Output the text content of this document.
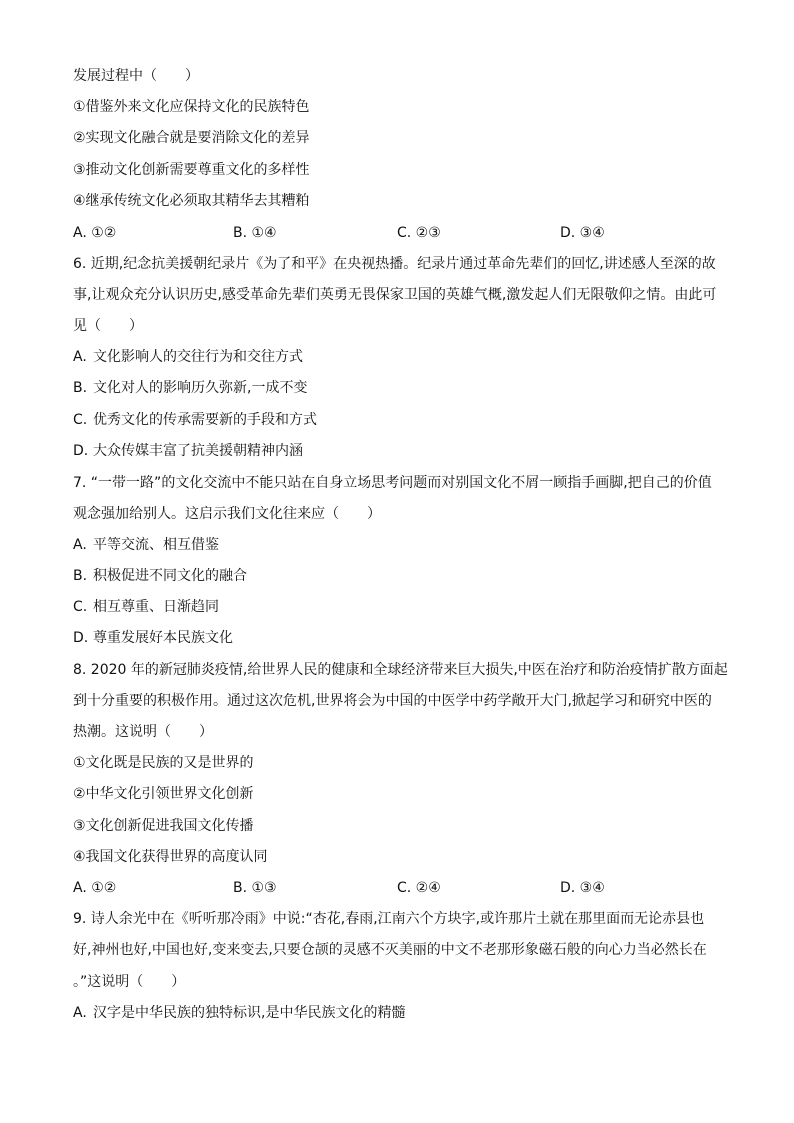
发展过程中（　　）
①借鉴外来文化应保持文化的民族特色
②实现文化融合就是要消除文化的差异
③推动文化创新需要尊重文化的多样性
④继承传统文化必须取其精华去其糟粕
A. ①②	B. ①④	C. ②③	D. ③④
6. 近期,纪念抗美援朝纪录片《为了和平》在央视热播。纪录片通过革命先辈们的回忆,讲述感人至深的故
事,让观众充分认识历史,感受革命先辈们英勇无畏保家卫国的英雄气概,激发起人们无限敬仰之情。由此可
见（　　）
A. 文化影响人的交往行为和交往方式
B. 文化对人的影响历久弥新,一成不变
C. 优秀文化的传承需要新的手段和方式
D. 大众传媒丰富了抗美援朝精神内涵
7. “一带一路”的文化交流中不能只站在自身立场思考问题而对别国文化不屑一顾指手画脚,把自己的价值
观念强加给别人。这启示我们文化往来应（　　）
A. 平等交流、相互借鉴
B. 积极促进不同文化的融合
C. 相互尊重、日渐趋同
D. 尊重发展好本民族文化
8. 2020 年的新冠肺炎疫情,给世界人民的健康和全球经济带来巨大损失,中医在治疗和防治疫情扩散方面起
到十分重要的积极作用。通过这次危机,世界将会为中国的中医学中药学敞开大门,掀起学习和研究中医的
热潮。这说明（　　）
①文化既是民族的又是世界的
②中华文化引领世界文化创新
③文化创新促进我国文化传播
④我国文化获得世界的高度认同
A. ①②	B. ①③	C. ②④	D. ③④
9. 诗人余光中在《听听那冷雨》中说:“杏花,春雨,江南六个方块字,或许那片土就在那里面而无论赤县也
好,神州也好,中国也好,变来变去,只要仓颉的灵感不灭美丽的中文不老那形象磁石般的向心力当必然长在
。”这说明（　　）
A. 汉字是中华民族的独特标识,是中华民族文化的精髓
